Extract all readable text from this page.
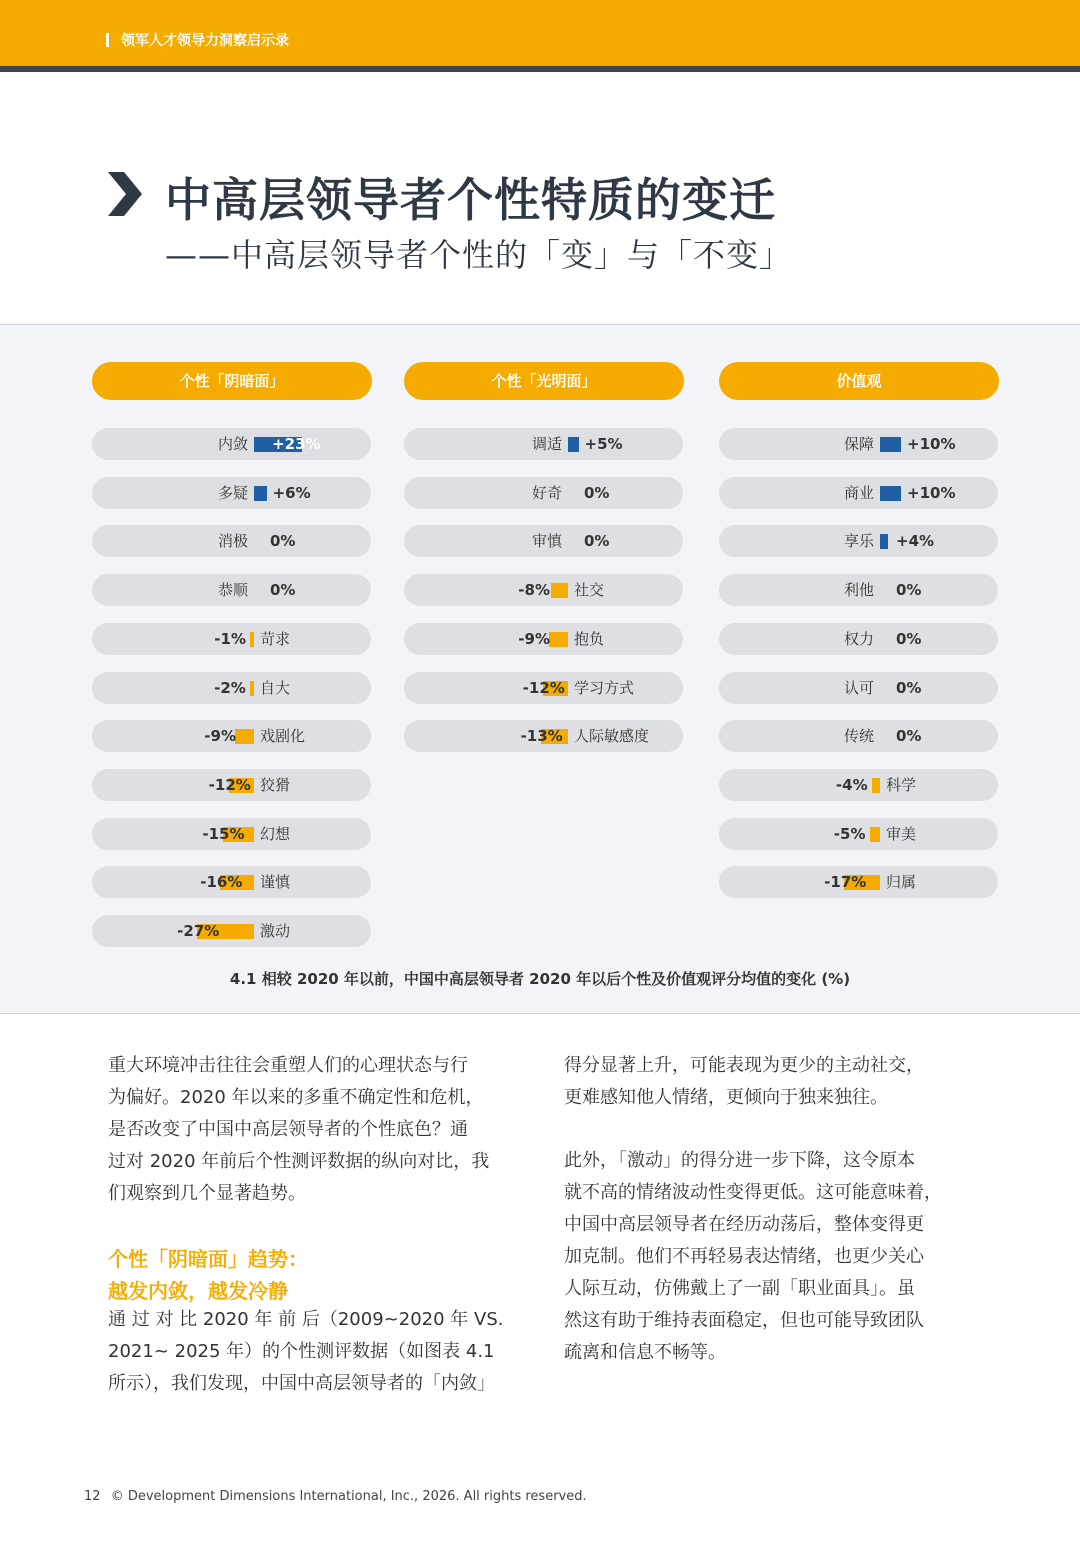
领军人才领导力洞察启示录
中高层领导者个性特质的变迁
——中高层领导者个性的「变」与「不变」
个性「阴暗面」
内敛 +23%
多疑 +6%
消极 0%
恭顺 0%
苛求
-1%
自大
-2%
戏剧化
-9%
狡猾
-12%
幻想
-15%
谨慎
-16%
激动
-27%
个性「光明面」
调适 +5%
好奇 0%
审慎 0%
社交
-8%
抱负
-9%
学习方式
-12%
人际敏感度
-13%
价值观
保障 +10%
商业 +10%
享乐 +4%
利他 0%
权力 0%
认可 0%
传统 0%
科学
-4%
审美
-5%
归属
-17%
4.1 相较 2020 年以前，中国中高层领导者 2020 年以后个性及价值观评分均值的变化 (%)
重大环境冲击往往会重塑人们的心理状态与行
为偏好。2020 年以来的多重不确定性和危机，
是否改变了中国中高层领导者的个性底色？通
过对 2020 年前后个性测评数据的纵向对比，我
们观察到几个显著趋势。
个性「阴暗面」趋势：
越发内敛，越发冷静
通 过 对 比 2020 年 前 后（2009~2020 年 VS.
2021~ 2025 年）的个性测评数据（如图表 4.1
所示），我们发现，中国中高层领导者的「内敛」
得分显著上升，可能表现为更少的主动社交，
更难感知他人情绪，更倾向于独来独往。
此外，「激动」的得分进一步下降，这令原本
就不高的情绪波动性变得更低。这可能意味着，
中国中高层领导者在经历动荡后，整体变得更
加克制。他们不再轻易表达情绪，也更少关心
人际互动，仿佛戴上了一副「职业面具」。虽
然这有助于维持表面稳定，但也可能导致团队
疏离和信息不畅等。
12 © Development Dimensions International, Inc., 2026. All rights reserved.
